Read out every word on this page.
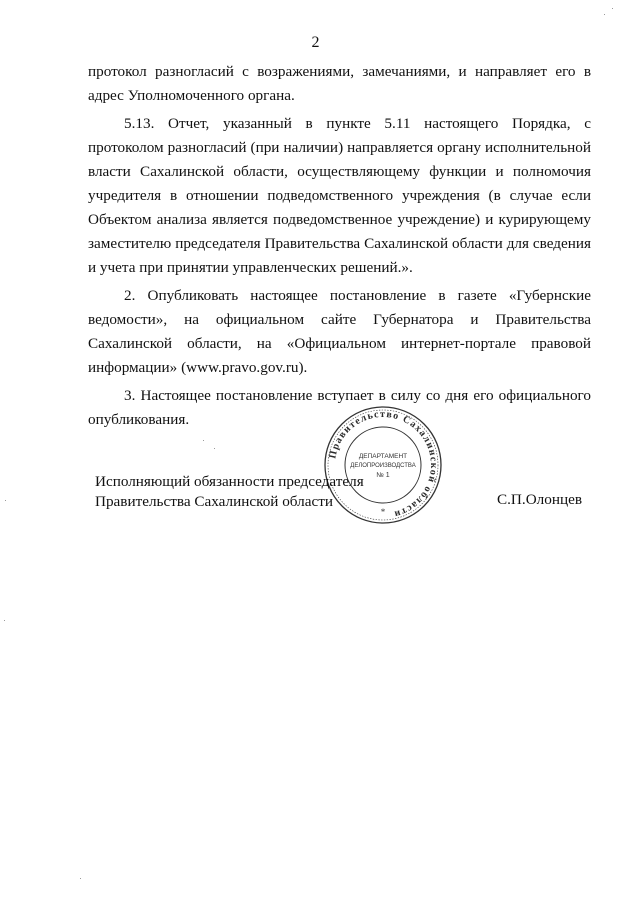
2

протокол разногласий с возражениями, замечаниями, и направляет его в адрес Уполномоченного органа.

5.13. Отчет, указанный в пункте 5.11 настоящего Порядка, с протоколом разногласий (при наличии) направляется органу исполнительной власти Сахалинской области, осуществляющему функции и полномочия учредителя в отношении подведомственного учреждения (в случае если Объектом анализа является подведомственное учреждение) и курирующему заместителю председателя Правительства Сахалинской области для сведения и учета при принятии управленческих решений.».

2. Опубликовать настоящее постановление в газете «Губернские ведомости», на официальном сайте Губернатора и Правительства Сахалинской области, на «Официальном интернет-портале правовой информации» (www.pravo.gov.ru).

3. Настоящее постановление вступает в силу со дня его официального опубликования.

Правительство Сахалинской области
ДЕПАРТАМЕНТ
ДЕЛОПРОИЗВОДСТВА
№ 1
*
Исполняющий обязанности председателя
Правительства Сахалинской области	С.П.Олонцев
